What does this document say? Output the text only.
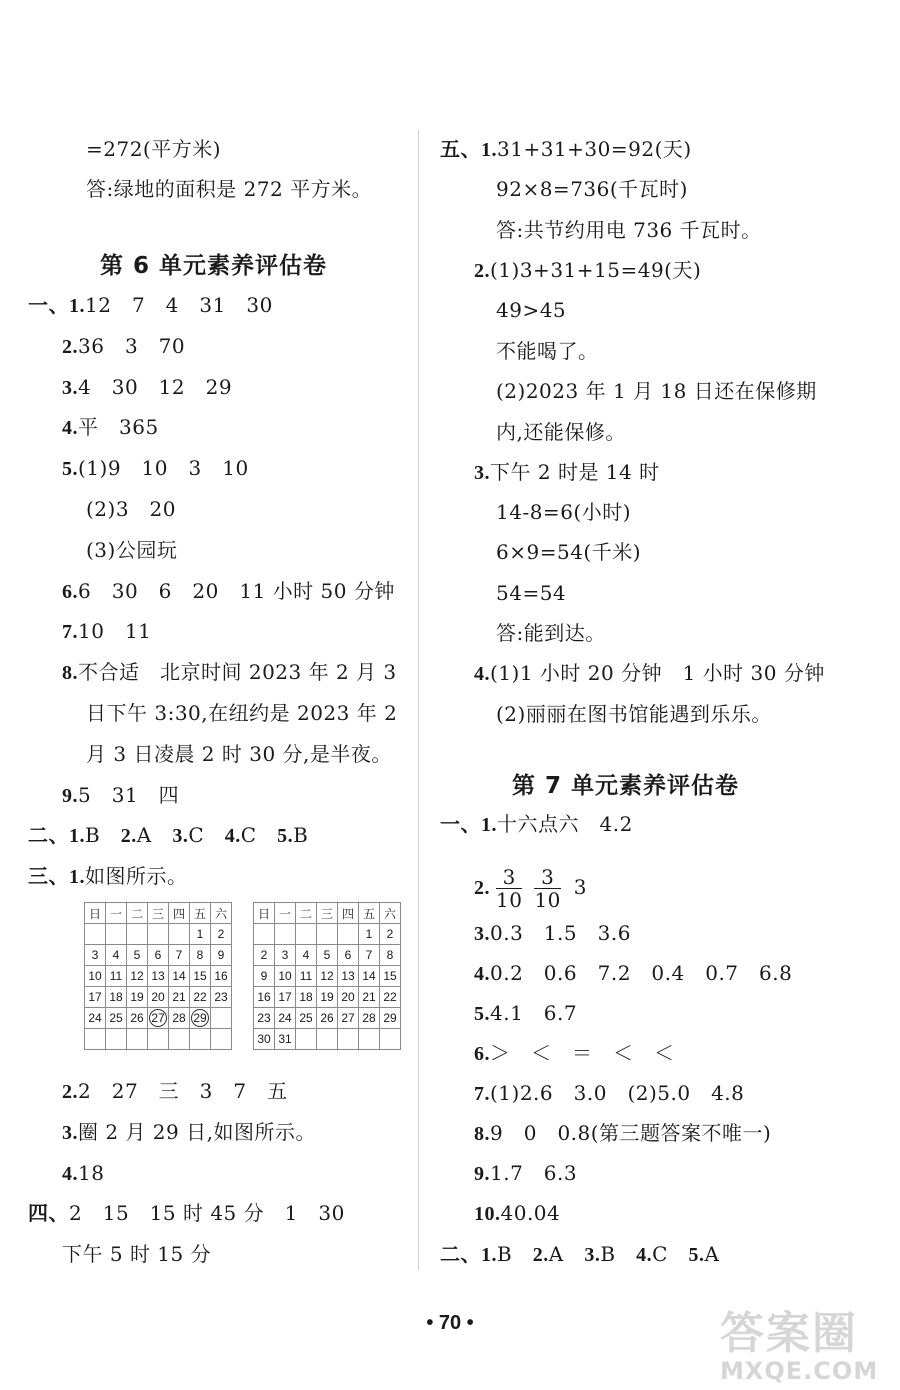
=272(平方米)
答:绿地的面积是 272 平方米。
第 6 单元素养评估卷
一、1.12　7　4　31　30
2.36　3　70
3.4　30　12　29
4.平　365
5.(1)9　10　3　10
(2)3　20
(3)公园玩
6.6　30　6　20　11 小时 50 分钟
7.10　11
8.不合适　北京时间 2023 年 2 月 3
日下午 3:30,在纽约是 2023 年 2
月 3 日凌晨 2 时 30 分,是半夜。
9.5　31　四
二、1.B 2.A 3.C 4.C 5.B
三、1.如图所示。
日	一	二	三	四	五	六
					1	2
3	4	5	6	7	8	9
10	11	12	13	14	15	16
17	18	19	20	21	22	23
24	25	26	27	28	29	

日	一	二	三	四	五	六
					1	2
2	3	4	5	6	7	8
9	10	11	12	13	14	15
16	17	18	19	20	21	22
23	24	25	26	27	28	29
30	31					
2.2　27　三　3　7　五
3.圈 2 月 29 日,如图所示。
4.18
四、2　15　15 时 45 分　1　30
下午 5 时 15 分
五、1.31+31+30=92(天)
92×8=736(千瓦时)
答:共节约用电 736 千瓦时。
2.(1)3+31+15=49(天)
49>45
不能喝了。
(2)2023 年 1 月 18 日还在保修期
内,还能保修。
3.下午 2 时是 14 时
14-8=6(小时)
6×9=54(千米)
54=54
答:能到达。
4.(1)1 小时 20 分钟　1 小时 30 分钟
(2)丽丽在图书馆能遇到乐乐。
第 7 单元素养评估卷
一、1.十六点六　4.2
2. $\frac{3}{10} \frac{3}{10} 3$
3.0.3　1.5　3.6
4.0.2　0.6　7.2　0.4　0.7　6.8
5.4.1　6.7
6.＞　＜　＝　＜　＜
7.(1)2.6　3.0　(2)5.0　4.8
8.9　0　0.8(第三题答案不唯一)
9.1.7　6.3
10.40.04
二、1.B 2.A 3.B 4.C 5.A
• 70 •	答案圈
MXQE.COM
